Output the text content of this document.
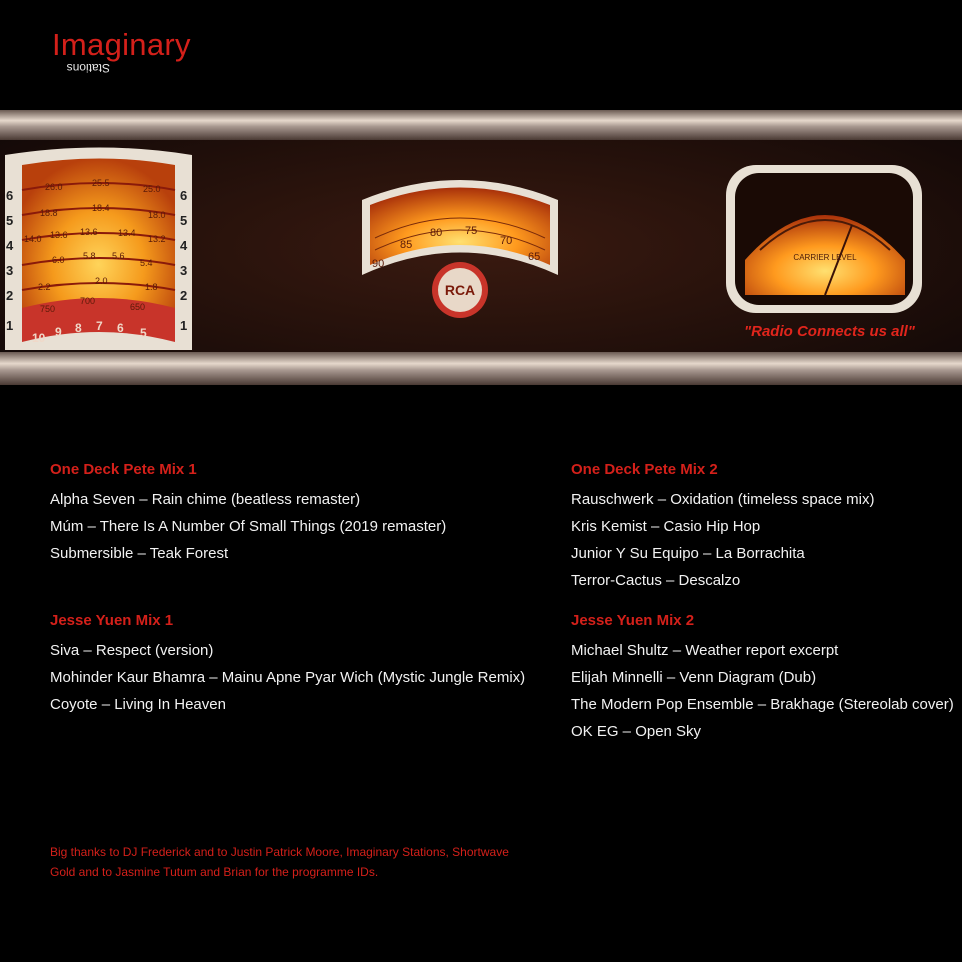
Imaginary
Stations
6
5
4
3
2
1
6
5
4
3
2
1
26.0	25.5
25.0
18.8	18.4
18.0
14.0 13.6 13.6 13.4
13.2
6.0 5.8 5.6
5.4
2.2
2.0
1.8
750
700
650
10 9 8 7 6 5
RCA
90
85
80 75
70
65	CARRIER LEVEL
"Radio Connects us all"
One Deck Pete Mix 1
Alpha Seven – Rain chime (beatless remaster)
Múm – There Is A Number Of Small Things (2019 remaster)
Submersible – Teak Forest
Jesse Yuen Mix 1
Siva – Respect (version)
Mohinder Kaur Bhamra – Mainu Apne Pyar Wich (Mystic Jungle Remix)
Coyote – Living In Heaven
One Deck Pete Mix 2
Rauschwerk – Oxidation (timeless space mix)
Kris Kemist – Casio Hip Hop
Junior Y Su Equipo – La Borrachita
Terror-Cactus – Descalzo
Jesse Yuen Mix 2
Michael Shultz – Weather report excerpt
Elijah Minnelli – Venn Diagram (Dub)
The Modern Pop Ensemble – Brakhage (Stereolab cover)
OK EG – Open Sky
Big thanks to DJ Frederick and to Justin Patrick Moore, Imaginary Stations, Shortwave Gold and to Jasmine Tutum and Brian for the programme IDs.
